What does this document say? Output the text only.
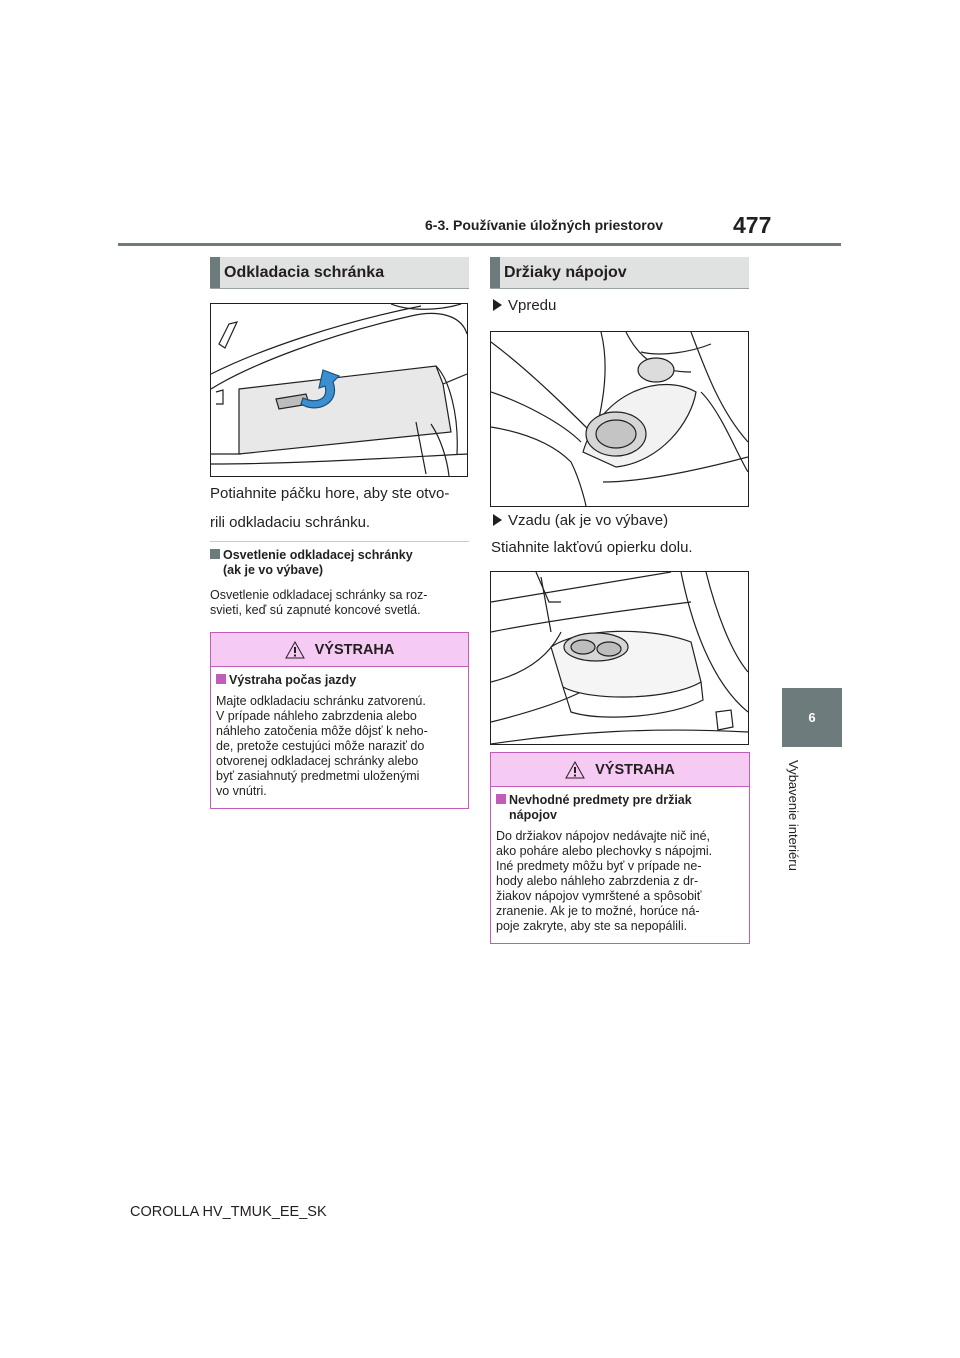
6-3. Používanie úložných priestorov	477
6
Vybavenie interiéru
Odkladacia schránka
Potiahnite páčku hore, aby ste otvo-
rili odkladaciu schránku.
Osvetlenie odkladacej schránky
(ak je vo výbave)
Osvetlenie odkladacej schránky sa roz-
svieti, keď sú zapnuté koncové svetlá.
VÝSTRAHA
Výstraha počas jazdy
Majte odkladaciu schránku zatvorenú.
V prípade náhleho zabrzdenia alebo
náhleho zatočenia môže dôjsť k neho-
de, pretože cestujúci môže naraziť do
otvorenej odkladacej schránky alebo
byť zasiahnutý predmetmi uloženými
vo vnútri.
Držiaky nápojov
Vpredu
Vzadu (ak je vo výbave)
Stiahnite lakťovú opierku dolu.
VÝSTRAHA
Nevhodné predmety pre držiak
nápojov
Do držiakov nápojov nedávajte nič iné,
ako poháre alebo plechovky s nápojmi.
Iné predmety môžu byť v prípade ne-
hody alebo náhleho zabrzdenia z dr-
žiakov nápojov vymrštené a spôsobiť
zranenie. Ak je to možné, horúce ná-
poje zakryte, aby ste sa nepopálili.
COROLLA HV_TMUK_EE_SK
